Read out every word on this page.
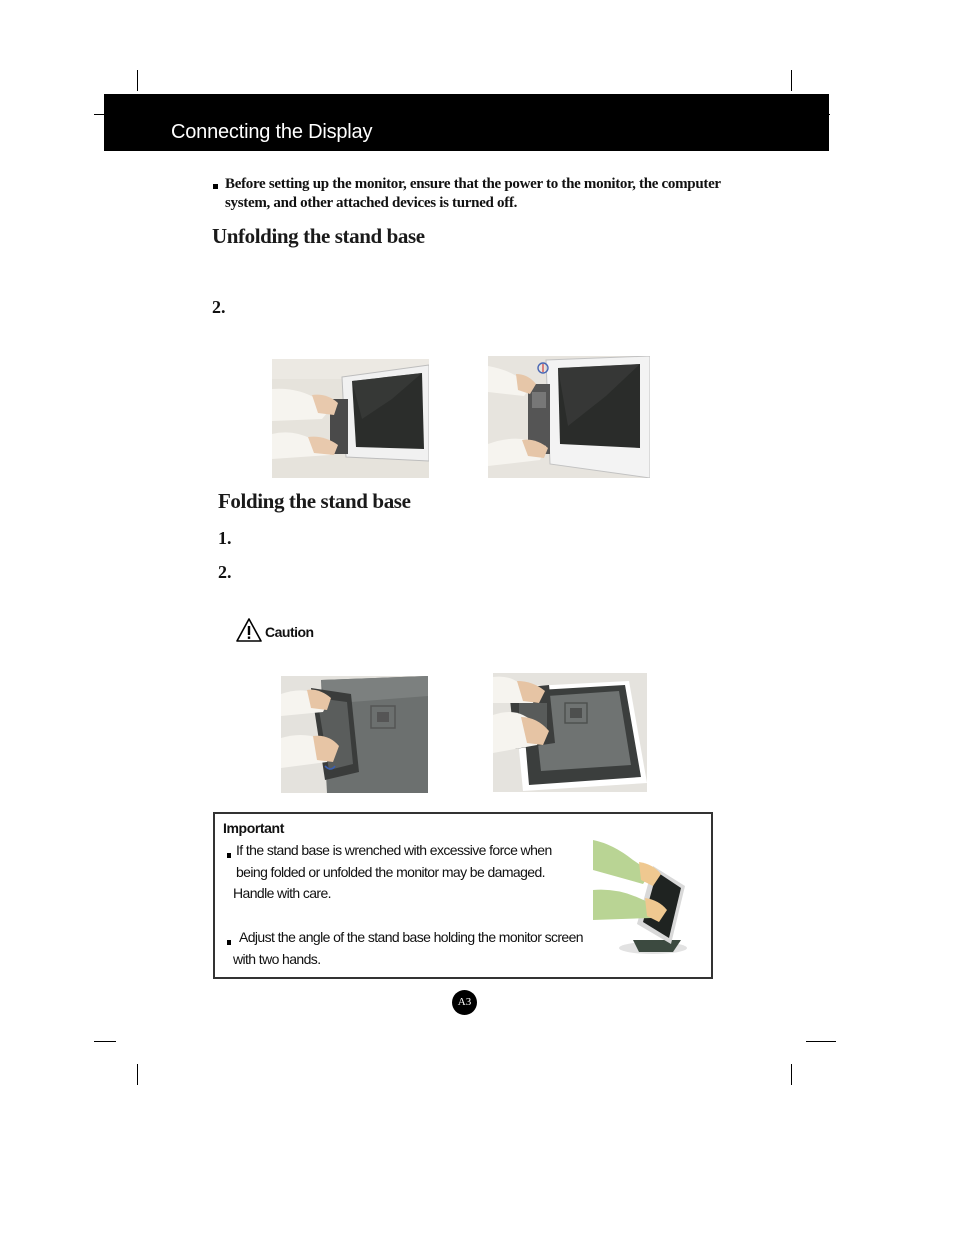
Connecting the Display
Before setting up the monitor, ensure that the power to the monitor, the computer system, and other attached devices is turned off.
Unfolding the stand base
2.
Folding the stand base
1.
2.
Caution
Important
If the stand base is wrenched with excessive force when
being folded or unfolded the monitor may be damaged.
Handle with care.
Adjust the angle of the stand base holding the monitor screen
with two hands.
A3
